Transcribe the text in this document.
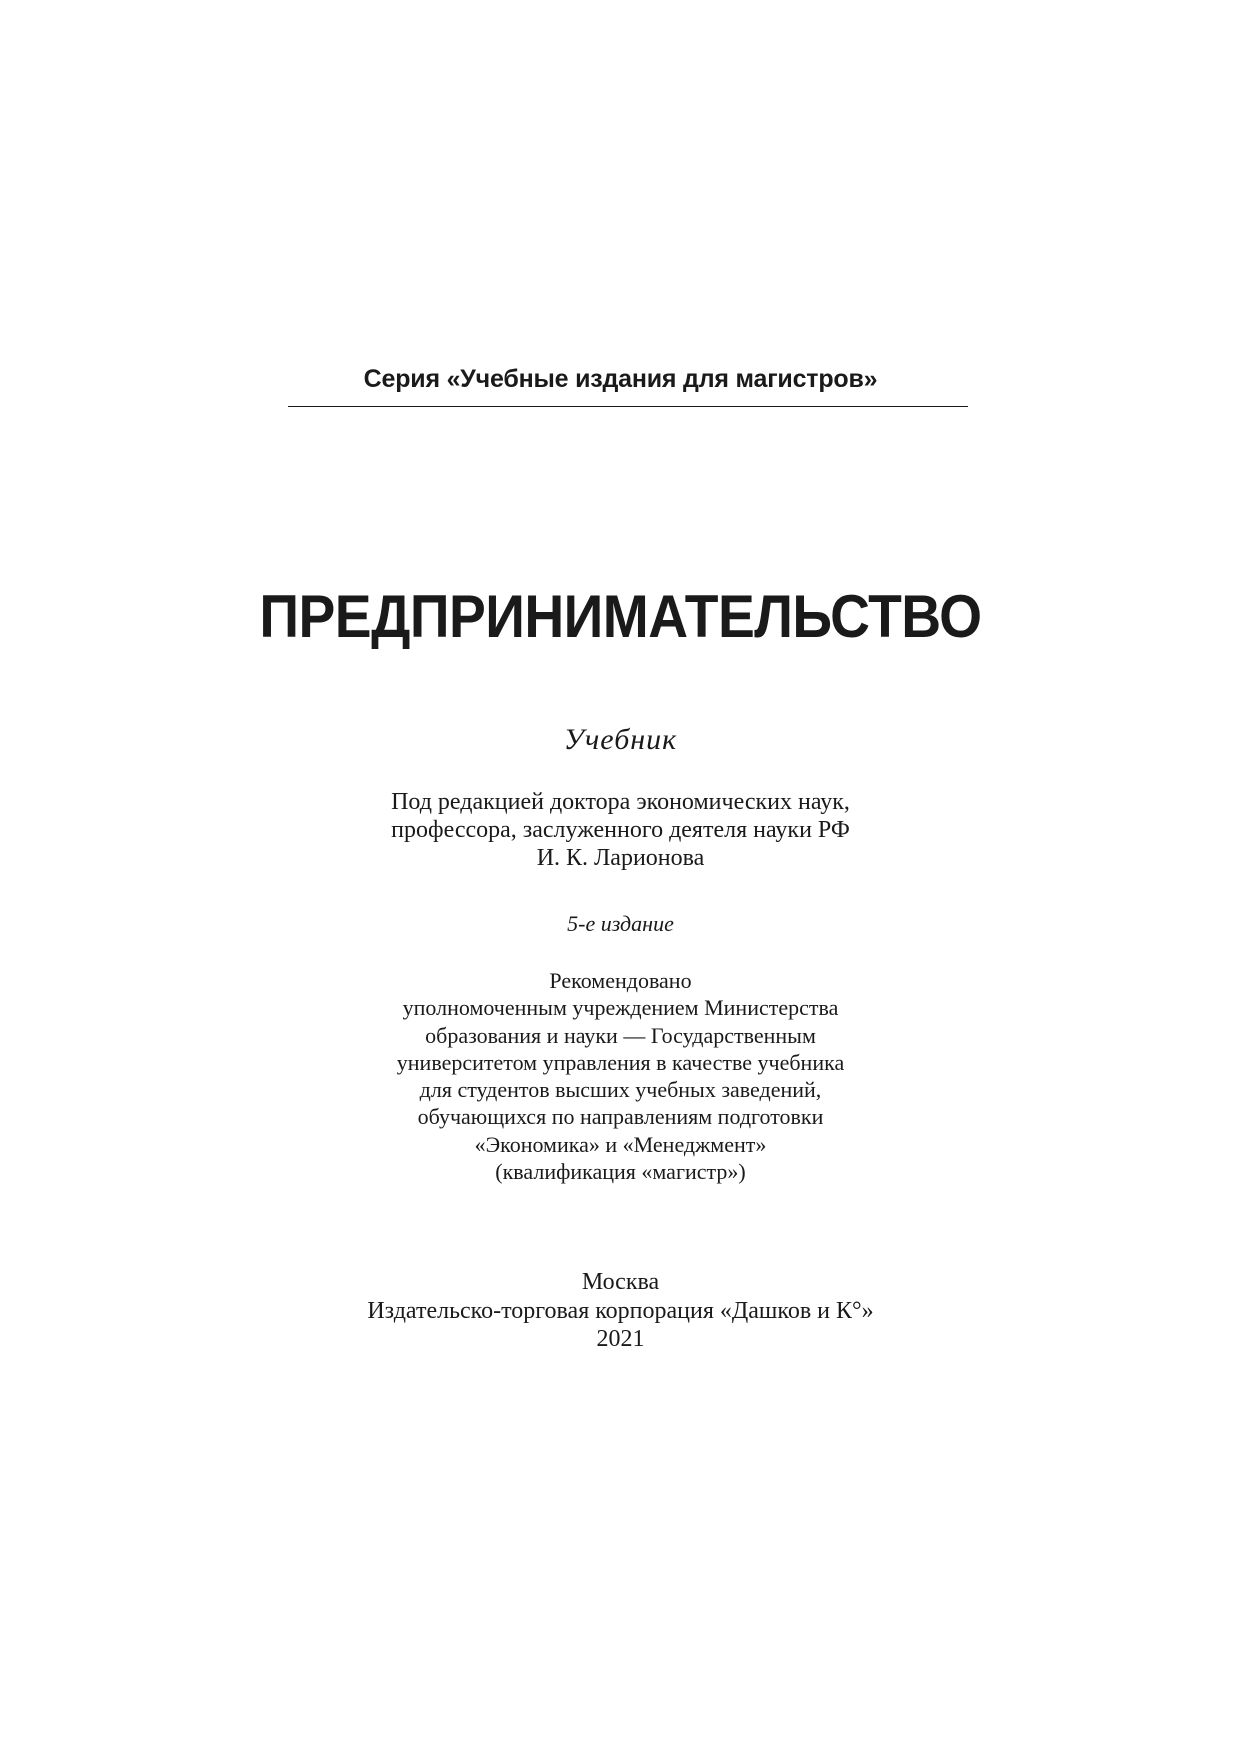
Серия «Учебные издания для магистров»
ПРЕДПРИНИМАТЕЛЬСТВО
Учебник
Под редакцией доктора экономических наук,
профессора, заслуженного деятеля науки РФ
И. К. Ларионова
5-е издание
Рекомендовано
уполномоченным учреждением Министерства
образования и науки — Государственным
университетом управления в качестве учебника
для студентов высших учебных заведений,
обучающихся по направлениям подготовки
«Экономика» и «Менеджмент»
(квалификация «магистр»)
Москва
Издательско-торговая корпорация «Дашков и К°»
2021
